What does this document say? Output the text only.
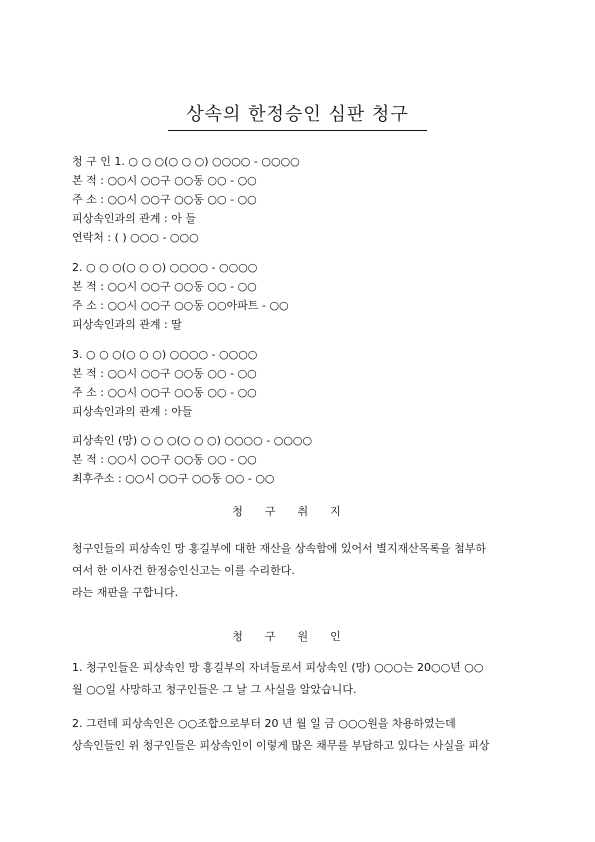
상속의 한정승인 심판 청구
청 구 인 1. ○ ○ ○(○ ○ ○) ○○○○ - ○○○○
본 적 : ○○시 ○○구 ○○동 ○○ - ○○
주 소 : ○○시 ○○구 ○○동 ○○ - ○○
피상속인과의 관계 : 아 들
연락처 : ( ) ○○○ - ○○○
2. ○ ○ ○(○ ○ ○) ○○○○ - ○○○○
본 적 : ○○시 ○○구 ○○동 ○○ - ○○
주 소 : ○○시 ○○구 ○○동 ○○아파트 - ○○
피상속인과의 관계 : 딸
3. ○ ○ ○(○ ○ ○) ○○○○ - ○○○○
본 적 : ○○시 ○○구 ○○동 ○○ - ○○
주 소 : ○○시 ○○구 ○○동 ○○ - ○○
피상속인과의 관계 : 아들
피상속인 (망) ○ ○ ○(○ ○ ○) ○○○○ - ○○○○
본 적 : ○○시 ○○구 ○○동 ○○ - ○○
최후주소 : ○○시 ○○구 ○○동 ○○ - ○○
청구취지
청구인들의 피상속인 망 홍길부에 대한 재산을 상속함에 있어서 별지재산목록을 첨부하
여서 한 이사건 한정승인신고는 이를 수리한다.
라는 재판을 구합니다.
청구원인
1. 청구인들은 피상속인 망 홍길부의 자녀들로서 피상속인 (망) ○○○는 20○○년 ○○
월 ○○일 사망하고 청구인들은 그 날 그 사실을 알았습니다.
2. 그런데 피상속인은 ○○조합으로부터 20 년 월 일 금 ○○○원을 차용하였는데
상속인들인 위 청구인들은 피상속인이 이렇게 많은 채무를 부담하고 있다는 사실을 피상
